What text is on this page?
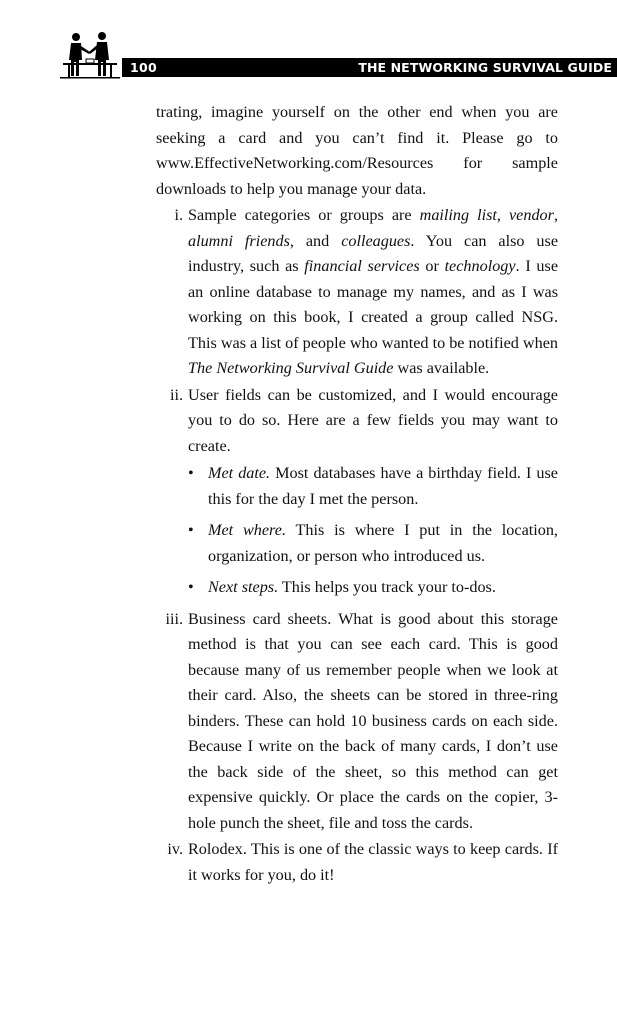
100	THE NETWORKING SURVIVAL GUIDE

trating, imagine yourself on the other end when you are seeking a card and you can’t find it. Please go to www.EffectiveNetworking.com/Resources for sample downloads to help you manage your data.

i. Sample categories or groups are mailing list, vendor, alumni friends, and colleagues. You can also use industry, such as financial services or technology. I use an online database to manage my names, and as I was working on this book, I created a group called NSG. This was a list of people who wanted to be notified when The Networking Survival Guide was available.
ii. User fields can be customized, and I would encourage you to do so. Here are a few fields you may want to create.
• Met date. Most databases have a birthday field. I use this for the day I met the person.
• Met where. This is where I put in the location, organization, or person who introduced us.
• Next steps. This helps you track your to-dos.
iii. Business card sheets. What is good about this storage method is that you can see each card. This is good because many of us remember people when we look at their card. Also, the sheets can be stored in three-ring binders. These can hold 10 business cards on each side. Because I write on the back of many cards, I don’t use the back side of the sheet, so this method can get expensive quickly. Or place the cards on the copier, 3-hole punch the sheet, file and toss the cards.
iv. Rolodex. This is one of the classic ways to keep cards. If it works for you, do it!
